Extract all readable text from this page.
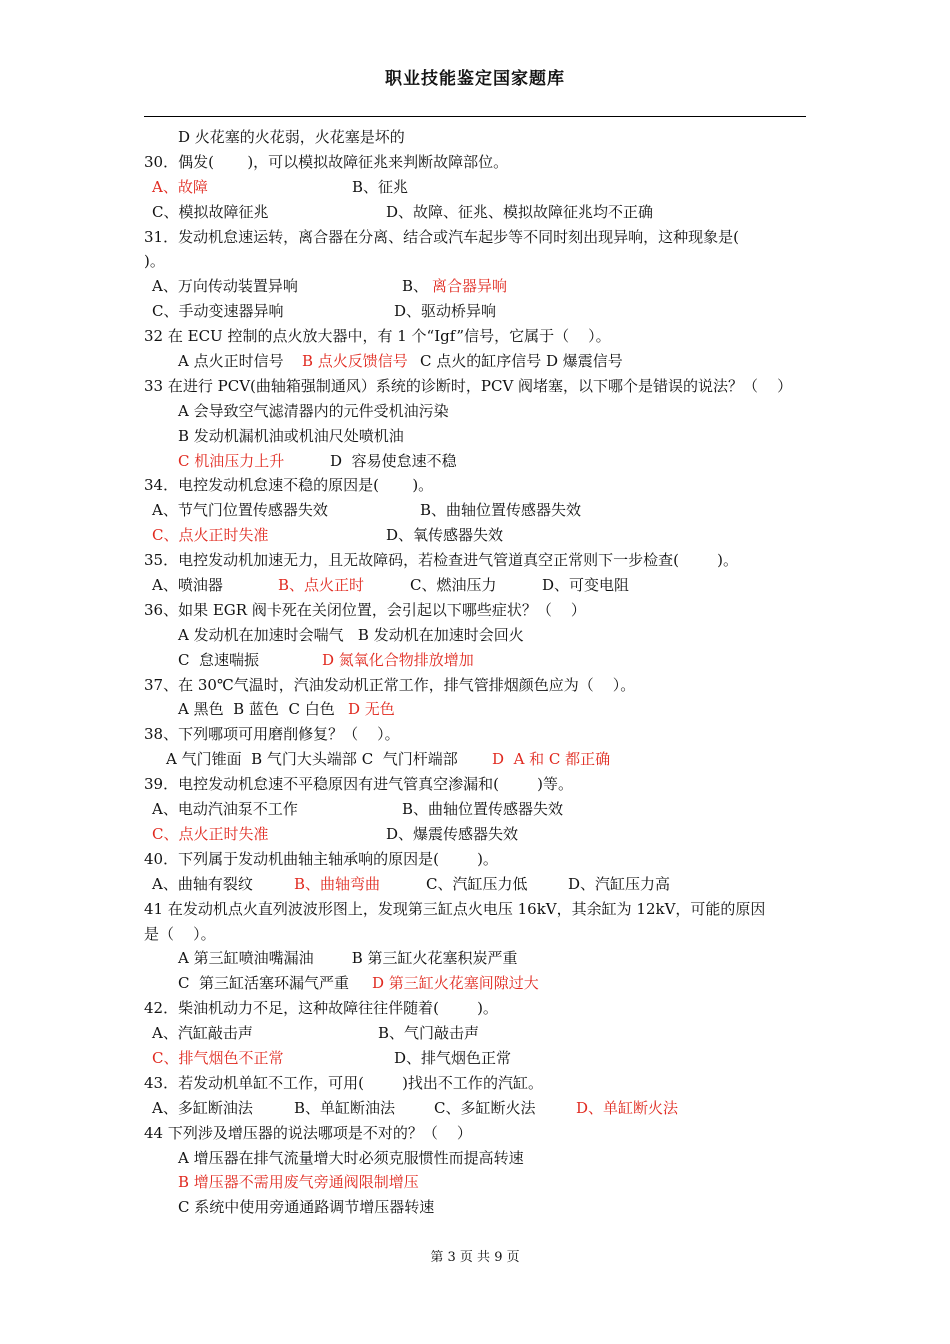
职业技能鉴定国家题库
D 火花塞的火花弱，火花塞是坏的
30．偶发(       )，可以模拟故障征兆来判断故障部位。
A、故障	B、征兆
C、模拟故障征兆	D、故障、征兆、模拟故障征兆均不正确
31．发动机怠速运转，离合器在分离、结合或汽车起步等不同时刻出现异响，这种现象是(
)。
A、万向传动装置异响	B、 离合器异响
C、手动变速器异响	D、驱动桥异响
32 在 ECU 控制的点火放大器中，有 1 个“Igf”信号，它属于（    ）。
A 点火正时信号 B 点火反馈信号 C 点火的缸序信号 D 爆震信号
33 在进行 PCV(曲轴箱强制通风）系统的诊断时，PCV 阀堵塞，以下哪个是错误的说法？（    ）
A 会导致空气滤清器内的元件受机油污染
B 发动机漏机油或机油尺处喷机油
C 机油压力上升	D  容易使怠速不稳
34．电控发动机怠速不稳的原因是(       )。
A、节气门位置传感器失效	B、曲轴位置传感器失效
C、点火正时失准	D、氧传感器失效
35．电控发动机加速无力，且无故障码，若检查进气管道真空正常则下一步检查(        )。
A、喷油器	B、点火正时	C、燃油压力	D、可变电阻
36、如果 EGR 阀卡死在关闭位置，会引起以下哪些症状？（    ）
A 发动机在加速时会喘气   B 发动机在加速时会回火
C  怠速喘振	D 氮氧化合物排放增加
37、在 30℃气温时，汽油发动机正常工作，排气管排烟颜色应为（    ）。
A 黑色  B 蓝色  C 白色 D 无色
38、下列哪项可用磨削修复？（    ）。
A 气门锥面  B 气门大头端部 C  气门杆端部 D  A 和 C 都正确
39．电控发动机怠速不平稳原因有进气管真空渗漏和(        )等。
A、电动汽油泵不工作	B、曲轴位置传感器失效
C、点火正时失准	D、爆震传感器失效
40．下列属于发动机曲轴主轴承响的原因是(        )。
A、曲轴有裂纹	B、曲轴弯曲	C、汽缸压力低	D、汽缸压力高
41 在发动机点火直列波波形图上，发现第三缸点火电压 16kV，其余缸为 12kV，可能的原因
是（    ）。
A 第三缸喷油嘴漏油        B 第三缸火花塞积炭严重
C  第三缸活塞环漏气严重 D 第三缸火花塞间隙过大
42．柴油机动力不足，这种故障往往伴随着(        )。
A、汽缸敲击声	B、气门敲击声
C、排气烟色不正常	D、排气烟色正常
43．若发动机单缸不工作，可用(        )找出不工作的汽缸。
A、多缸断油法	B、单缸断油法	C、多缸断火法	D、单缸断火法
44 下列涉及增压器的说法哪项是不对的？（    ）
A 增压器在排气流量增大时必须克服惯性而提高转速
B 增压器不需用废气旁通阀限制增压
C 系统中使用旁通通路调节增压器转速
第 3 页 共 9 页
